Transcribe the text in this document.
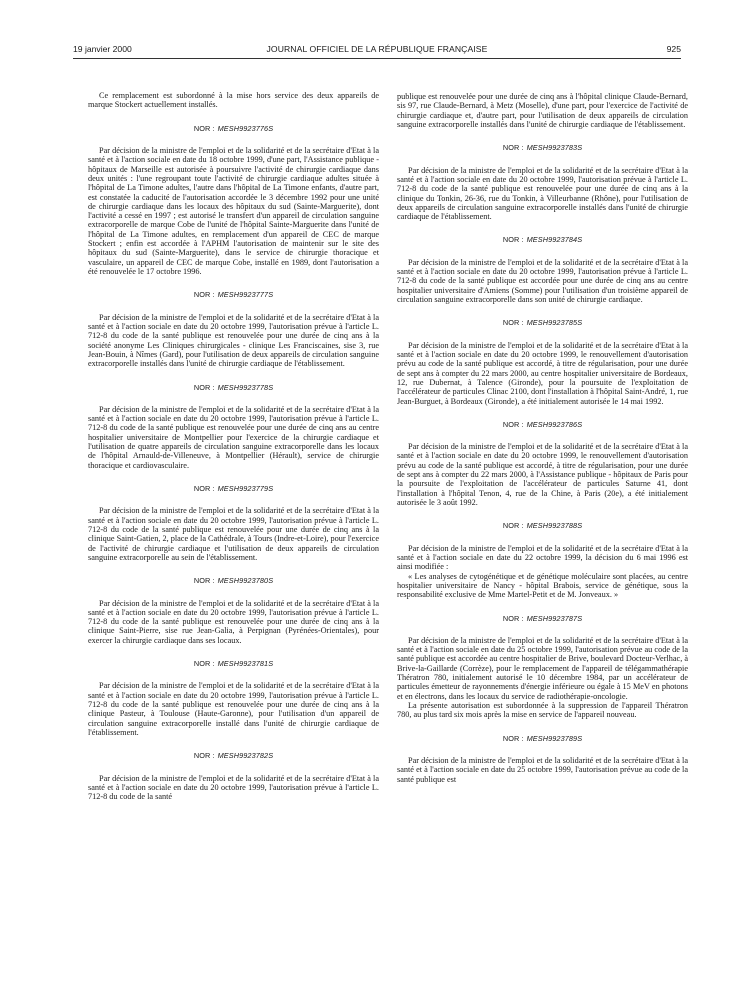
19 janvier 2000	JOURNAL OFFICIEL DE LA RÉPUBLIQUE FRANÇAISE	925

Ce remplacement est subordonné à la mise hors service des deux appareils de marque Stockert actuellement installés.

NOR : MESH9923776S

Par décision de la ministre de l'emploi et de la solidarité et de la secrétaire d'Etat à la santé et à l'action sociale en date du 18 octobre 1999, d'une part, l'Assistance publique - hôpitaux de Marseille est autorisée à poursuivre l'activité de chirurgie cardiaque dans deux unités : l'une regroupant toute l'activité de chirurgie cardiaque adultes située à l'hôpital de La Timone adultes, l'autre dans l'hôpital de La Timone enfants, d'autre part, est constatée la caducité de l'autorisation accordée le 3 décembre 1992 pour une unité de chirurgie cardiaque dans les locaux des hôpitaux du sud (Sainte-Marguerite), dont l'activité a cessé en 1997 ; est autorisé le transfert d'un appareil de circulation sanguine extracorporelle de marque Cobe de l'unité de l'hôpital Sainte-Marguerite dans l'unité de l'hôpital de La Timone adultes, en remplacement d'un appareil de CEC de marque Stockert ; enfin est accordée à l'APHM l'autorisation de maintenir sur le site des hôpitaux du sud (Sainte-Marguerite), dans le service de chirurgie thoracique et vasculaire, un appareil de CEC de marque Cobe, installé en 1989, dont l'autorisation a été renouvelée le 17 octobre 1996.

NOR : MESH9923777S

Par décision de la ministre de l'emploi et de la solidarité et de la secrétaire d'Etat à la santé et à l'action sociale en date du 20 octobre 1999, l'autorisation prévue à l'article L. 712-8 du code de la santé publique est renouvelée pour une durée de cinq ans à la société anonyme Les Cliniques chirurgicales - clinique Les Franciscaines, sise 3, rue Jean-Bouin, à Nîmes (Gard), pour l'utilisation de deux appareils de circulation sanguine extracorporelle installés dans l'unité de chirurgie cardiaque de l'établissement.

NOR : MESH9923778S

Par décision de la ministre de l'emploi et de la solidarité et de la secrétaire d'Etat à la santé et à l'action sociale en date du 20 octobre 1999, l'autorisation prévue à l'article L. 712-8 du code de la santé publique est renouvelée pour une durée de cinq ans au centre hospitalier universitaire de Montpellier pour l'exercice de la chirurgie cardiaque et l'utilisation de quatre appareils de circulation sanguine extracorporelle dans les locaux de l'hôpital Arnauld-de-Villeneuve, à Montpellier (Hérault), service de chirurgie thoracique et cardiovasculaire.

NOR : MESH9923779S

Par décision de la ministre de l'emploi et de la solidarité et de la secrétaire d'Etat à la santé et à l'action sociale en date du 20 octobre 1999, l'autorisation prévue à l'article L. 712-8 du code de la santé publique est renouvelée pour une durée de cinq ans à la clinique Saint-Gatien, 2, place de la Cathédrale, à Tours (Indre-et-Loire), pour l'exercice de l'activité de chirurgie cardiaque et l'utilisation de deux appareils de circulation sanguine extracorporelle au sein de l'établissement.

NOR : MESH9923780S

Par décision de la ministre de l'emploi et de la solidarité et de la secrétaire d'Etat à la santé et à l'action sociale en date du 20 octobre 1999, l'autorisation prévue à l'article L. 712-8 du code de la santé publique est renouvelée pour une durée de cinq ans à la clinique Saint-Pierre, sise rue Jean-Galia, à Perpignan (Pyrénées-Orientales), pour exercer la chirurgie cardiaque dans ses locaux.

NOR : MESH9923781S

Par décision de la ministre de l'emploi et de la solidarité et de la secrétaire d'Etat à la santé et à l'action sociale en date du 20 octobre 1999, l'autorisation prévue à l'article L. 712-8 du code de la santé publique est renouvelée pour une durée de cinq ans à la clinique Pasteur, à Toulouse (Haute-Garonne), pour l'utilisation d'un appareil de circulation sanguine extracorporelle installé dans l'unité de chirurgie cardiaque de l'établissement.

NOR : MESH9923782S

Par décision de la ministre de l'emploi et de la solidarité et de la secrétaire d'Etat à la santé et à l'action sociale en date du 20 octobre 1999, l'autorisation prévue à l'article L. 712-8 du code de la santé

publique est renouvelée pour une durée de cinq ans à l'hôpital clinique Claude-Bernard, sis 97, rue Claude-Bernard, à Metz (Moselle), d'une part, pour l'exercice de l'activité de chirurgie cardiaque et, d'autre part, pour l'utilisation de deux appareils de circulation sanguine extracorporelle installés dans l'unité de chirurgie cardiaque de l'établissement.

NOR : MESH9923783S

Par décision de la ministre de l'emploi et de la solidarité et de la secrétaire d'Etat à la santé et à l'action sociale en date du 20 octobre 1999, l'autorisation prévue à l'article L. 712-8 du code de la santé publique est renouvelée pour une durée de cinq ans à la clinique du Tonkin, 26-36, rue du Tonkin, à Villeurbanne (Rhône), pour l'utilisation de deux appareils de circulation sanguine extracorporelle installés dans l'unité de chirurgie cardiaque de l'établissement.

NOR : MESH9923784S

Par décision de la ministre de l'emploi et de la solidarité et de la secrétaire d'Etat à la santé et à l'action sociale en date du 20 octobre 1999, l'autorisation prévue à l'article L. 712-8 du code de la santé publique est accordée pour une durée de cinq ans au centre hospitalier universitaire d'Amiens (Somme) pour l'utilisation d'un troisième appareil de circulation sanguine extracorporelle dans son unité de chirurgie cardiaque.

NOR : MESH9923785S

Par décision de la ministre de l'emploi et de la solidarité et de la secrétaire d'Etat à la santé et à l'action sociale en date du 20 octobre 1999, le renouvellement d'autorisation prévu au code de la santé publique est accordé, à titre de régularisation, pour une durée de sept ans à compter du 22 mars 2000, au centre hospitalier universitaire de Bordeaux, 12, rue Dubernat, à Talence (Gironde), pour la poursuite de l'exploitation de l'accélérateur de particules Clinac 2100, dont l'installation à l'hôpital Saint-André, 1, rue Jean-Burguet, à Bordeaux (Gironde), a été initialement autorisée le 14 mai 1992.

NOR : MESH9923786S

Par décision de la ministre de l'emploi et de la solidarité et de la secrétaire d'Etat à la santé et à l'action sociale en date du 20 octobre 1999, le renouvellement d'autorisation prévu au code de la santé publique est accordé, à titre de régularisation, pour une durée de sept ans à compter du 22 mars 2000, à l'Assistance publique - hôpitaux de Paris pour la poursuite de l'exploitation de l'accélérateur de particules Saturne 41, dont l'installation à l'hôpital Tenon, 4, rue de la Chine, à Paris (20e), a été initialement autorisée le 3 août 1992.

NOR : MESH9923788S

Par décision de la ministre de l'emploi et de la solidarité et de la secrétaire d'Etat à la santé et à l'action sociale en date du 22 octobre 1999, la décision du 6 mai 1996 est ainsi modifiée :

« Les analyses de cytogénétique et de génétique moléculaire sont placées, au centre hospitalier universitaire de Nancy - hôpital Brabois, service de génétique, sous la responsabilité exclusive de Mme Martel-Petit et de M. Jonveaux. »

NOR : MESH9923787S

Par décision de la ministre de l'emploi et de la solidarité et de la secrétaire d'Etat à la santé et à l'action sociale en date du 25 octobre 1999, l'autorisation prévue au code de la santé publique est accordée au centre hospitalier de Brive, boulevard Docteur-Verlhac, à Brive-la-Gaillarde (Corrèze), pour le remplacement de l'appareil de télégammathérapie Thératron 780, initialement autorisé le 10 décembre 1984, par un accélérateur de particules émetteur de rayonnements d'énergie inférieure ou égale à 15 MeV en photons et en électrons, dans les locaux du service de radiothérapie-oncologie.

La présente autorisation est subordonnée à la suppression de l'appareil Thératron 780, au plus tard six mois après la mise en service de l'appareil nouveau.

NOR : MESH9923789S

Par décision de la ministre de l'emploi et de la solidarité et de la secrétaire d'Etat à la santé et à l'action sociale en date du 25 octobre 1999, l'autorisation prévue au code de la santé publique est
